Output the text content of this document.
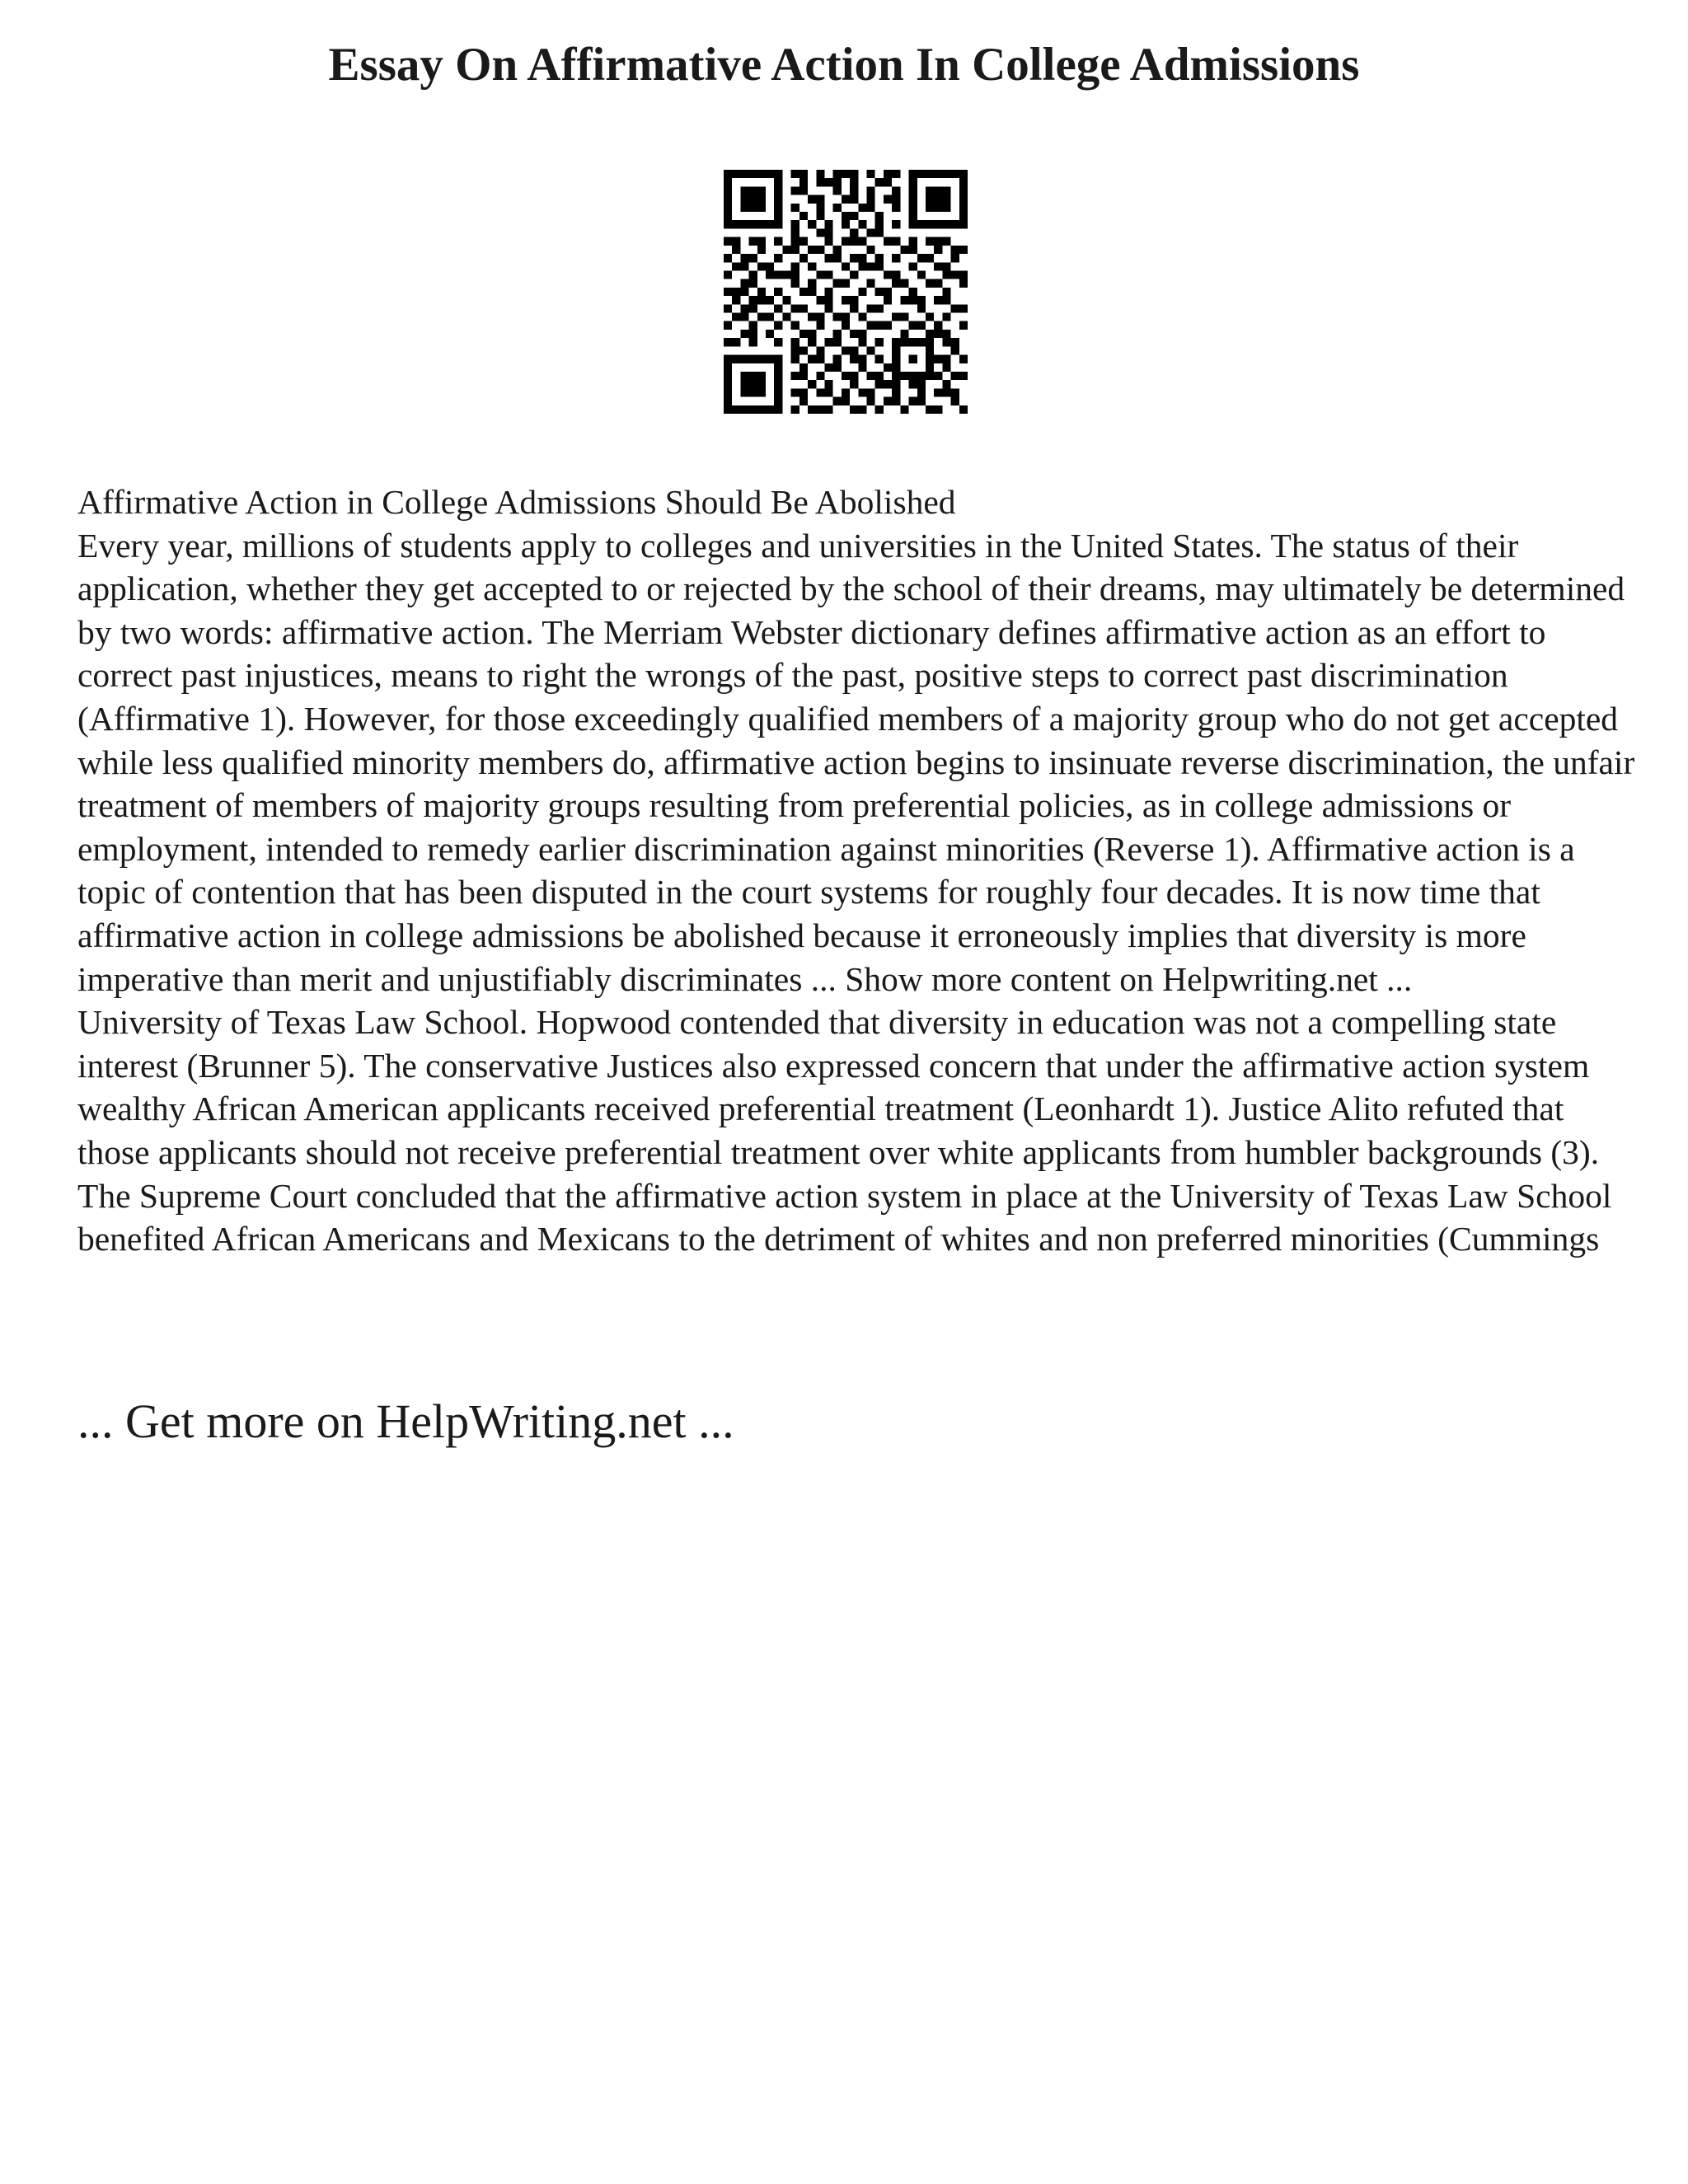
Essay On Affirmative Action In College Admissions

Affirmative Action in College Admissions Should Be Abolished

Every year, millions of students apply to colleges and universities in the United States. The status of their application, whether they get accepted to or rejected by the school of their dreams, may ultimately be determined by two words: affirmative action. The Merriam Webster dictionary defines affirmative action as an effort to correct past injustices, means to right the wrongs of the past, positive steps to correct past discrimination (Affirmative 1). However, for those exceedingly qualified members of a majority group who do not get accepted while less qualified minority members do, affirmative action begins to insinuate reverse discrimination, the unfair treatment of members of majority groups resulting from preferential policies, as in college admissions or employment, intended to remedy earlier discrimination against minorities (Reverse 1). Affirmative action is a topic of contention that has been disputed in the court systems for roughly four decades. It is now time that affirmative action in college admissions be abolished because it erroneously implies that diversity is more imperative than merit and unjustifiably discriminates ... Show more content on Helpwriting.net ...

University of Texas Law School. Hopwood contended that diversity in education was not a compelling state interest (Brunner 5). The conservative Justices also expressed concern that under the affirmative action system wealthy African American applicants received preferential treatment (Leonhardt 1). Justice Alito refuted that those applicants should not receive preferential treatment over white applicants from humbler backgrounds (3). The Supreme Court concluded that the affirmative action system in place at the University of Texas Law School benefited African Americans and Mexicans to the detriment of whites and non preferred minorities (Cummings

... Get more on HelpWriting.net ...
